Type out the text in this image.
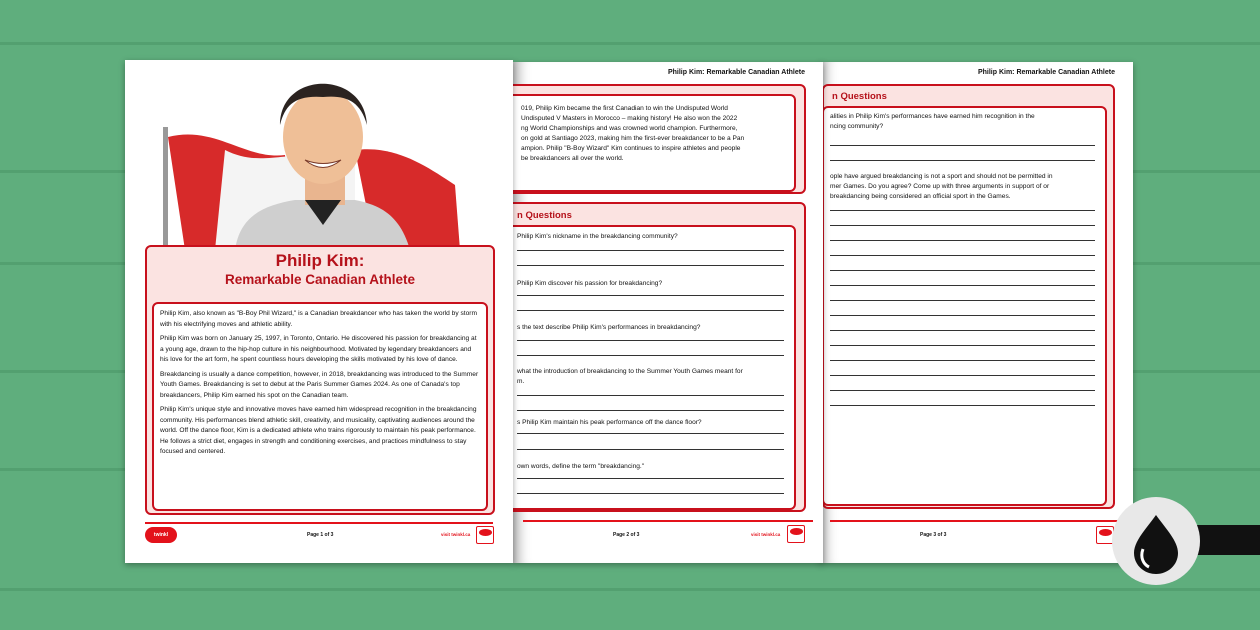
Philip Kim: Remarkable Canadian Athlete
n Questions
alities in Philip Kim's performances have earned him recognition in the
ncing community?
ople have argued breakdancing is not a sport and should not be permitted in
mer Games. Do you agree? Come up with three arguments in support of or
breakdancing being considered an official sport in the Games.
Page 3 of 3
Philip Kim: Remarkable Canadian Athlete
019, Philip Kim became the first Canadian to win the Undisputed World
Undisputed V Masters in Morocco – making history! He also won the 2022
ng World Championships and was crowned world champion. Furthermore,
on gold at Santiago 2023, making him the first-ever breakdancer to be a Pan
ampion. Philip "B-Boy Wizard" Kim continues to inspire athletes and people
be breakdancers all over the world.
n Questions
Philip Kim's nickname in the breakdancing community?
Philip Kim discover his passion for breakdancing?
s the text describe Philip Kim's performances in breakdancing?
what the introduction of breakdancing to the Summer Youth Games meant for
m.
s Philip Kim maintain his peak performance off the dance floor?
own words, define the term "breakdancing."
Page 2 of 3	visit twinkl.ca
Philip Kim:
Remarkable Canadian Athlete

Philip Kim, also known as "B-Boy Phil Wizard," is a Canadian breakdancer who has taken the world by storm with his electrifying moves and athletic ability.

Philip Kim was born on January 25, 1997, in Toronto, Ontario. He discovered his passion for breakdancing at a young age, drawn to the hip-hop culture in his neighbourhood. Motivated by legendary breakdancers and his love for the art form, he spent countless hours developing the skills motivated by his love of dance.

Breakdancing is usually a dance competition, however, in 2018, breakdancing was introduced to the Summer Youth Games. Breakdancing is set to debut at the Paris Summer Games 2024. As one of Canada's top breakdancers, Philip Kim earned his spot on the Canadian team.

Philip Kim's unique style and innovative moves have earned him widespread recognition in the breakdancing community. His performances blend athletic skill, creativity, and musicality, captivating audiences around the world. Off the dance floor, Kim is a dedicated athlete who trains rigorously to maintain his peak performance. He follows a strict diet, engages in strength and conditioning exercises, and practices mindfulness to stay focused and centered.

twinkl	Page 1 of 3	visit twinkl.ca
